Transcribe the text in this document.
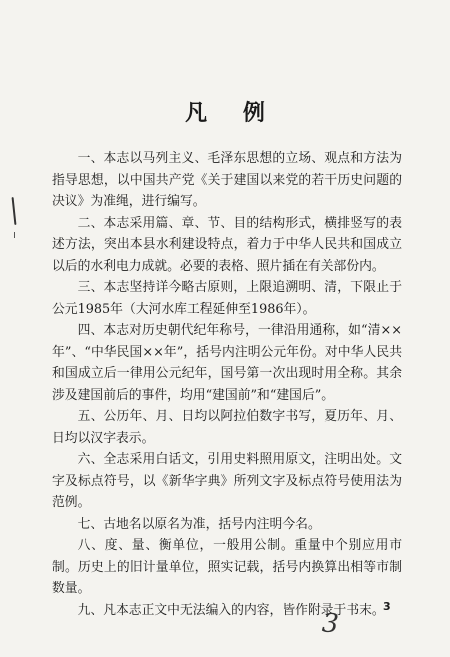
凡 例

一、本志以马列主义、毛泽东思想的立场、观点和方法为指导思想，以中国共产党《关于建国以来党的若干历史问题的决议》为准绳，进行编写。

二、本志采用篇、章、节、目的结构形式，横排竖写的表述方法，突出本县水利建设特点，着力于中华人民共和国成立以后的水利电力成就。必要的表格、照片插在有关部份内。

三、本志坚持详今略古原则，上限追溯明、清，下限止于公元1985年（大河水库工程延伸至1986年）。

四、本志对历史朝代纪年称号，一律沿用通称，如“清××年”、“中华民国××年”，括号内注明公元年份。对中华人民共和国成立后一律用公元纪年，国号第一次出现时用全称。其余涉及建国前后的事件，均用“建国前”和“建国后”。

五、公历年、月、日均以阿拉伯数字书写，夏历年、月、日均以汉字表示。

六、全志采用白话文，引用史料照用原文，注明出处。文字及标点符号，以《新华字典》所列文字及标点符号使用法为范例。

七、古地名以原名为准，括号内注明今名。

八、度、量、衡单位，一般用公制。重量中个别应用市制。历史上的旧计量单位，照实记载，括号内换算出相等市制数量。

九、凡本志正文中无法编入的内容，皆作附录于书末。

3
3
